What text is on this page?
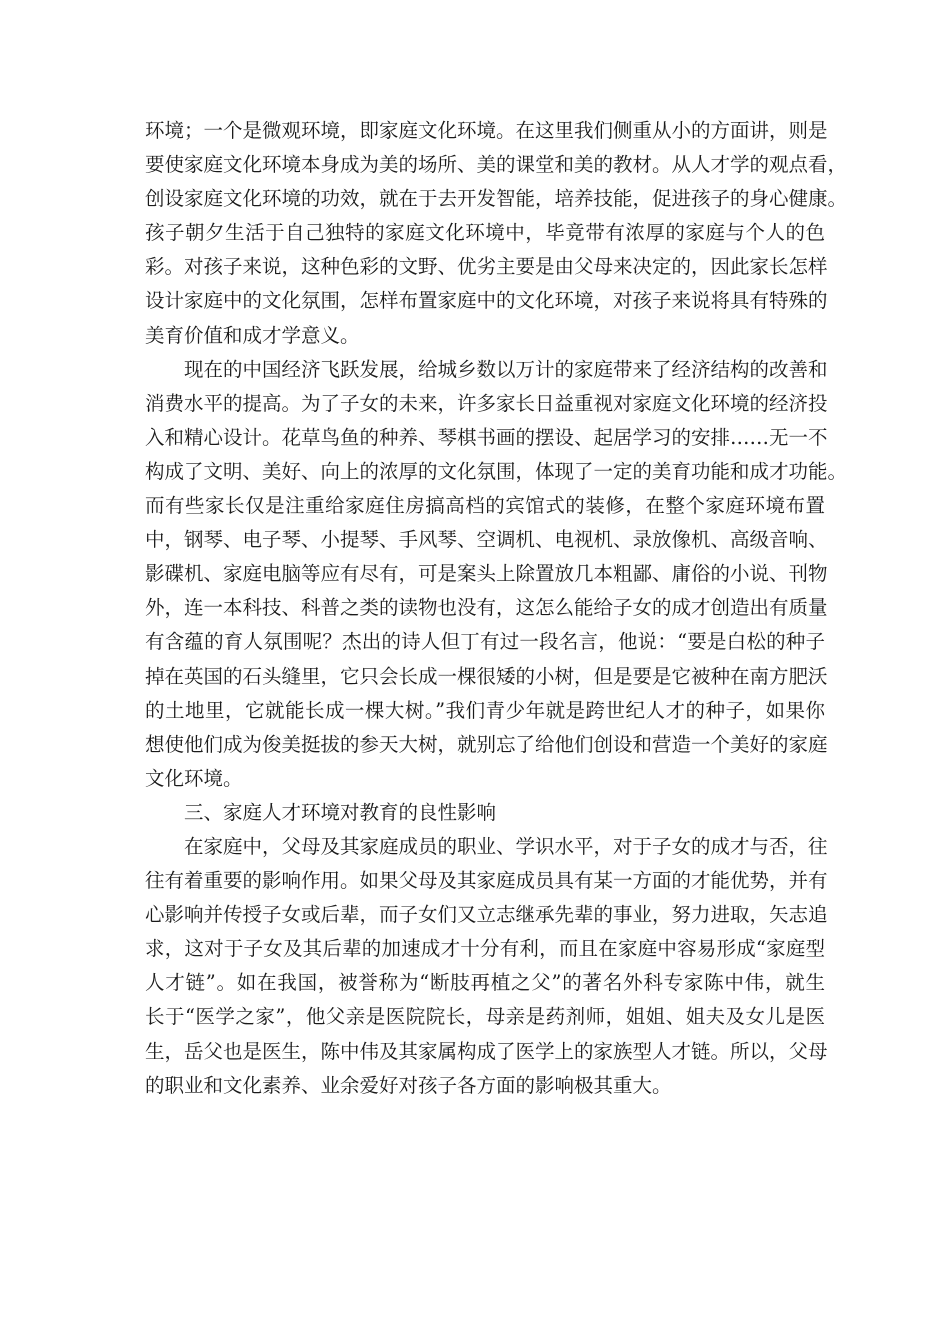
环境；一个是微观环境，即家庭文化环境。在这里我们侧重从小的方面讲，则是
要使家庭文化环境本身成为美的场所、美的课堂和美的教材。从人才学的观点看，
创设家庭文化环境的功效，就在于去开发智能，培养技能，促进孩子的身心健康。
孩子朝夕生活于自己独特的家庭文化环境中，毕竟带有浓厚的家庭与个人的色
彩。对孩子来说，这种色彩的文野、优劣主要是由父母来决定的，因此家长怎样
设计家庭中的文化氛围，怎样布置家庭中的文化环境，对孩子来说将具有特殊的
美育价值和成才学意义。
现在的中国经济飞跃发展，给城乡数以万计的家庭带来了经济结构的改善和
消费水平的提高。为了子女的未来，许多家长日益重视对家庭文化环境的经济投
入和精心设计。花草鸟鱼的种养、琴棋书画的摆设、起居学习的安排……无一不
构成了文明、美好、向上的浓厚的文化氛围，体现了一定的美育功能和成才功能。
而有些家长仅是注重给家庭住房搞高档的宾馆式的装修，在整个家庭环境布置
中，钢琴、电子琴、小提琴、手风琴、空调机、电视机、录放像机、高级音响、
影碟机、家庭电脑等应有尽有，可是案头上除置放几本粗鄙、庸俗的小说、刊物
外，连一本科技、科普之类的读物也没有，这怎么能给子女的成才创造出有质量
有含蕴的育人氛围呢？杰出的诗人但丁有过一段名言，他说：“要是白松的种子
掉在英国的石头缝里，它只会长成一棵很矮的小树，但是要是它被种在南方肥沃
的土地里，它就能长成一棵大树。”我们青少年就是跨世纪人才的种子，如果你
想使他们成为俊美挺拔的参天大树，就别忘了给他们创设和营造一个美好的家庭
文化环境。
三、家庭人才环境对教育的良性影响
在家庭中，父母及其家庭成员的职业、学识水平，对于子女的成才与否，往
往有着重要的影响作用。如果父母及其家庭成员具有某一方面的才能优势，并有
心影响并传授子女或后辈，而子女们又立志继承先辈的事业，努力进取，矢志追
求，这对于子女及其后辈的加速成才十分有利，而且在家庭中容易形成“家庭型
人才链”。如在我国，被誉称为“断肢再植之父”的著名外科专家陈中伟，就生
长于“医学之家”，他父亲是医院院长，母亲是药剂师，姐姐、姐夫及女儿是医
生，岳父也是医生，陈中伟及其家属构成了医学上的家族型人才链。所以，父母
的职业和文化素养、业余爱好对孩子各方面的影响极其重大。
